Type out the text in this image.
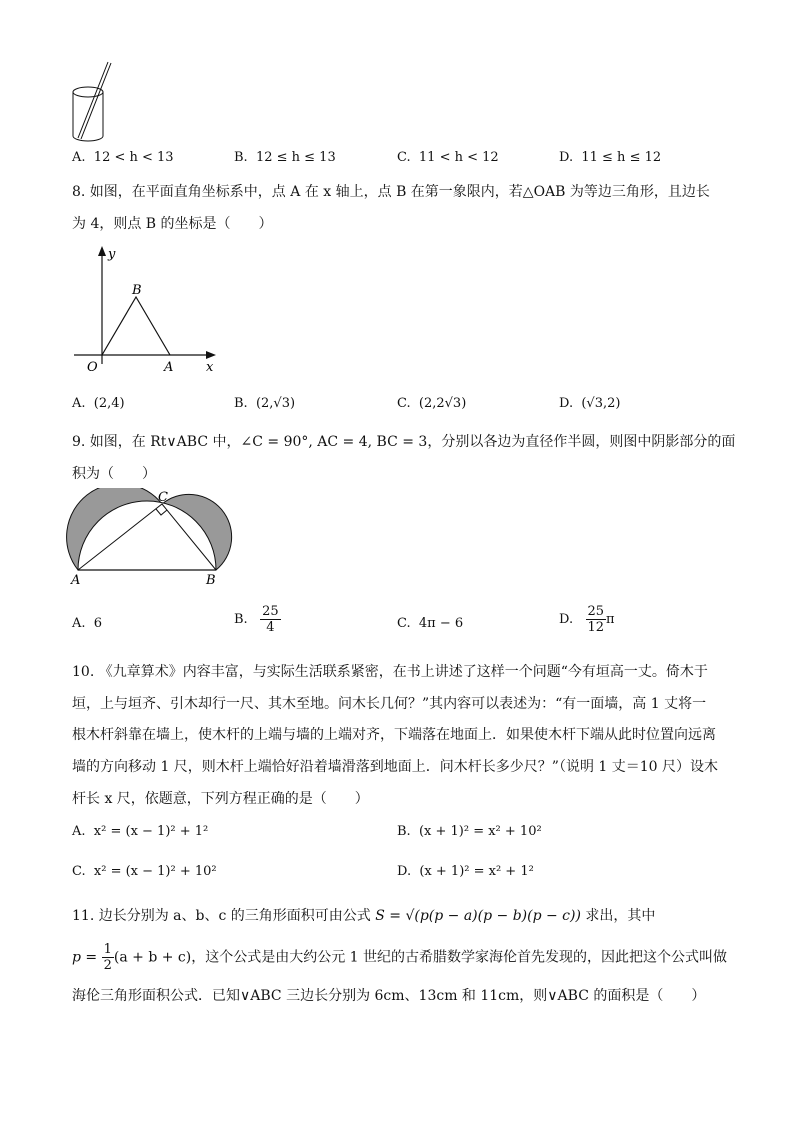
A. 12 < h < 13	B. 12 ≤ h ≤ 13	C. 11 < h < 12	D. 11 ≤ h ≤ 12
8. 如图，在平面直角坐标系中，点 A 在 x 轴上，点 B 在第一象限内，若△OAB 为等边三角形，且边长
为 4，则点 B 的坐标是（　　）
y
x
O	A
B
A. (2,4)	B. (2,√3)	C. (2,2√3)	D. (√3,2)
9. 如图，在 Rt∨ABC 中，∠C = 90°, AC = 4, BC = 3，分别以各边为直径作半圆，则图中阴影部分的面
积为（　　）
A	B
C
A. 6	B. $\frac{25}{4}$	C. 4π − 6	D. $\frac{25}{12}$ π
10. 《九章算术》内容丰富，与实际生活联系紧密，在书上讲述了这样一个问题“今有垣高一丈。倚木于
垣，上与垣齐、引木却行一尺、其木至地。问木长几何？”其内容可以表述为：“有一面墙，高 1 丈将一
根木杆斜靠在墙上，使木杆的上端与墙的上端对齐，下端落在地面上．如果使木杆下端从此时位置向远离
墙的方向移动 1 尺，则木杆上端恰好沿着墙滑落到地面上．问木杆长多少尺？”（说明 1 丈＝10 尺）设木
杆长 x 尺，依题意，下列方程正确的是（　　）
A. x² = (x − 1)² + 1²	B. (x + 1)² = x² + 10²
C. x² = (x − 1)² + 10²	D. (x + 1)² = x² + 1²
11. 边长分别为 a、b、c 的三角形面积可由公式 S = √(p(p − a)(p − b)(p − c)) 求出，其中
$p = \frac{1}{2} (a + b + c)$，这个公式是由大约公元 1 世纪的古希腊数学家海伦首先发现的，因此把这个公式叫做
海伦三角形面积公式．已知∨ABC 三边长分别为 6cm、13cm 和 11cm，则∨ABC 的面积是（　　）
